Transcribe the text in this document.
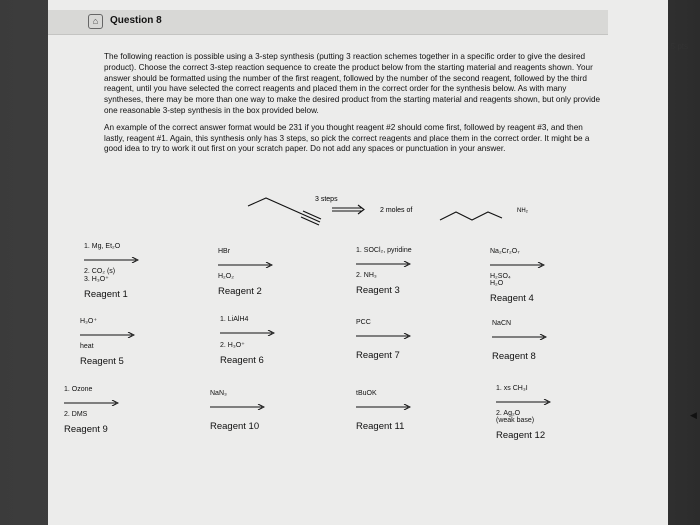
⌂	Question 8
5 pts

The following reaction is possible using a 3-step synthesis (putting 3 reaction schemes together in a specific order to give the desired product). Choose the correct 3-step reaction sequence to create the product below from the starting material and reagents shown. Your answer should be formatted using the number of the first reagent, followed by the number of the second reagent, followed by the third reagent, until you have selected the correct reagents and placed them in the correct order for the synthesis below. As with many syntheses, there may be more than one way to make the desired product from the starting material and reagents shown, but only provide one reasonable 3-step synthesis in the box provided below.

An example of the correct answer format would be 231 if you thought reagent #2 should come first, followed by reagent #3, and then lastly, reagent #1. Again, this synthesis only has 3 steps, so pick the correct reagents and place them in the correct order. It might be a good idea to try to work it out first on your scratch paper. Do not add any spaces or punctuation in your answer.

3 steps
2 moles of	NH₂
1. Mg, Et₂O
2. CO₂ (s)
3. H₃O⁺
Reagent 1
HBr
H₂O₂
Reagent 2
1. SOCl₂, pyridine
2. NH₃
Reagent 3
Na₂Cr₂O₇
H₂SO₄
H₂O
Reagent 4
H₃O⁺
heat
Reagent 5
1. LiAlH4
2. H₃O⁺
Reagent 6
PCC
Reagent 7
NaCN
Reagent 8
1. Ozone
2. DMS
Reagent 9
NaN₃
Reagent 10
tBuOK
Reagent 11
1. xs CH₃I
2. Ag₂O
(weak base)
Reagent 12
◀
